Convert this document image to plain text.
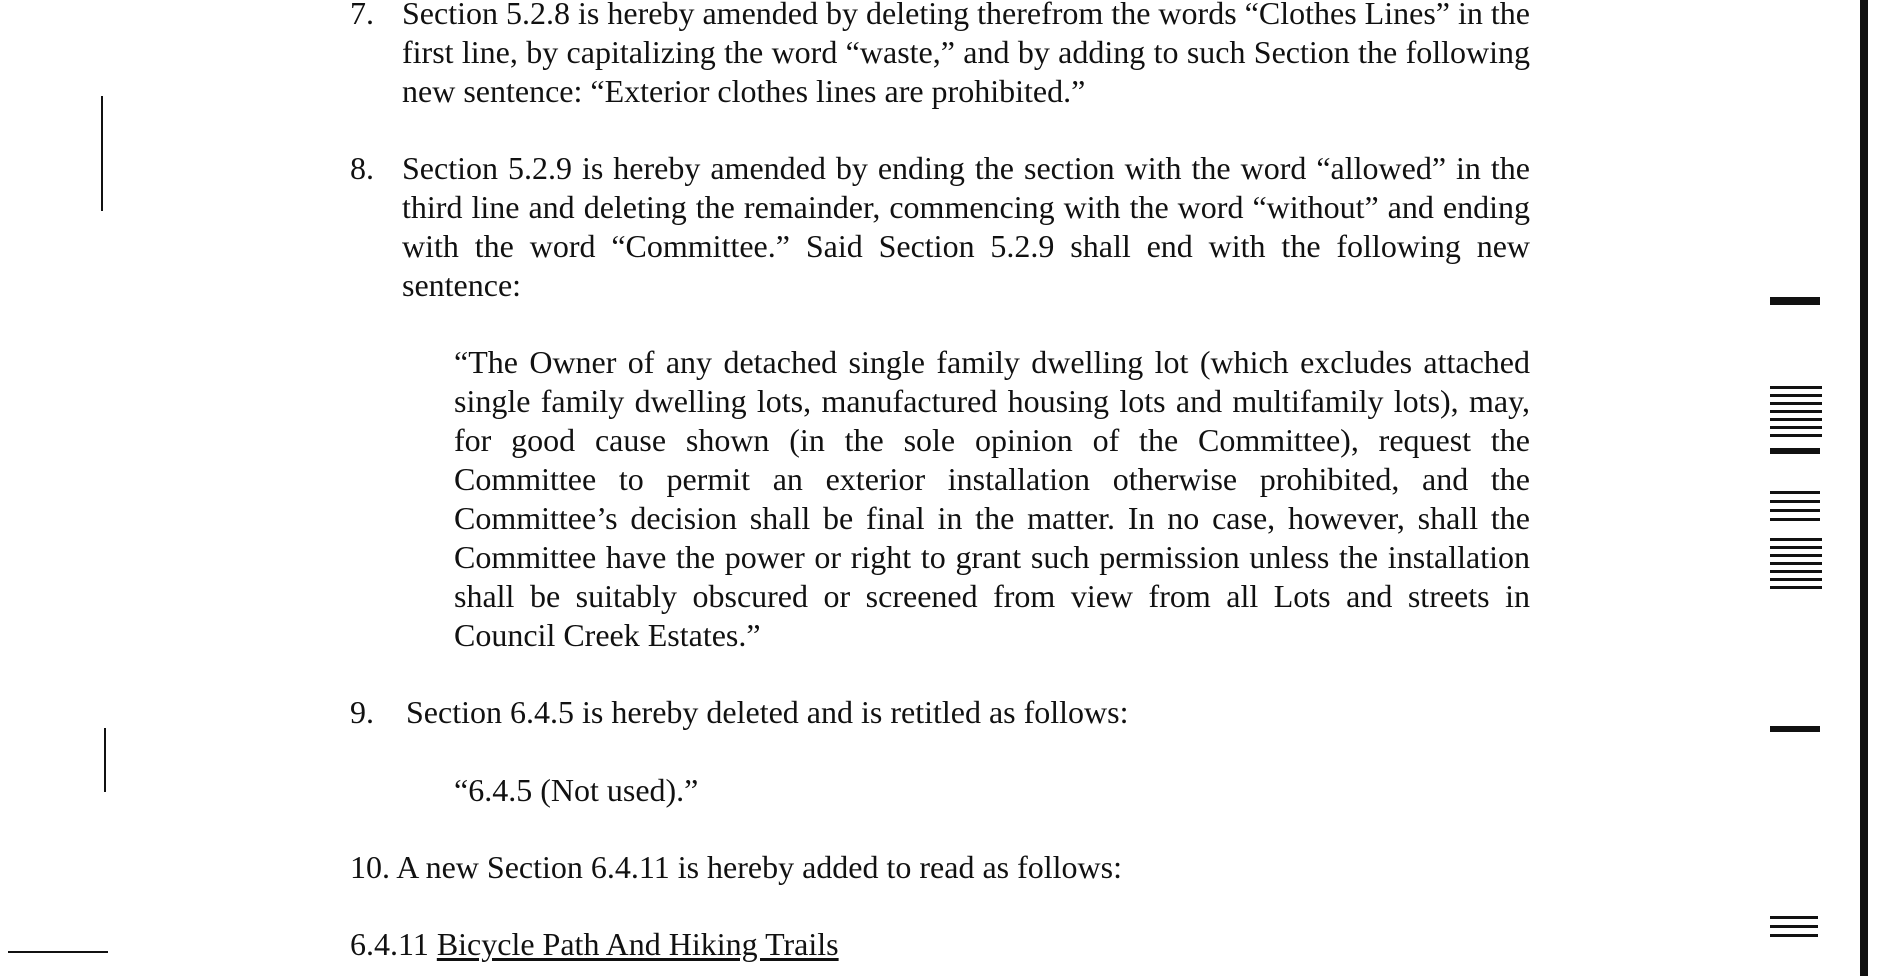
7. Section 5.2.8 is hereby amended by deleting therefrom the words “Clothes Lines” in the first line, by capitalizing the word “waste,” and by adding to such Section the following new sentence: “Exterior clothes lines are prohibited.”
8. Section 5.2.9 is hereby amended by ending the section with the word “allowed” in the third line and deleting the remainder, commencing with the word “without” and ending with the word “Committee.” Said Section 5.2.9 shall end with the following new sentence:
“The Owner of any detached single family dwelling lot (which excludes attached single family dwelling lots, manufactured housing lots and multifamily lots), may, for good cause shown (in the sole opinion of the Committee), request the Committee to permit an exterior installation otherwise prohibited, and the Committee’s decision shall be final in the matter. In no case, however, shall the Committee have the power or right to grant such permission unless the installation shall be suitably obscured or screened from view from all Lots and streets in Council Creek Estates.”
9. Section 6.4.5 is hereby deleted and is retitled as follows:
“6.4.5 (Not used).”
10. A new Section 6.4.11 is hereby added to read as follows:
6.4.11 Bicycle Path And Hiking Trails
